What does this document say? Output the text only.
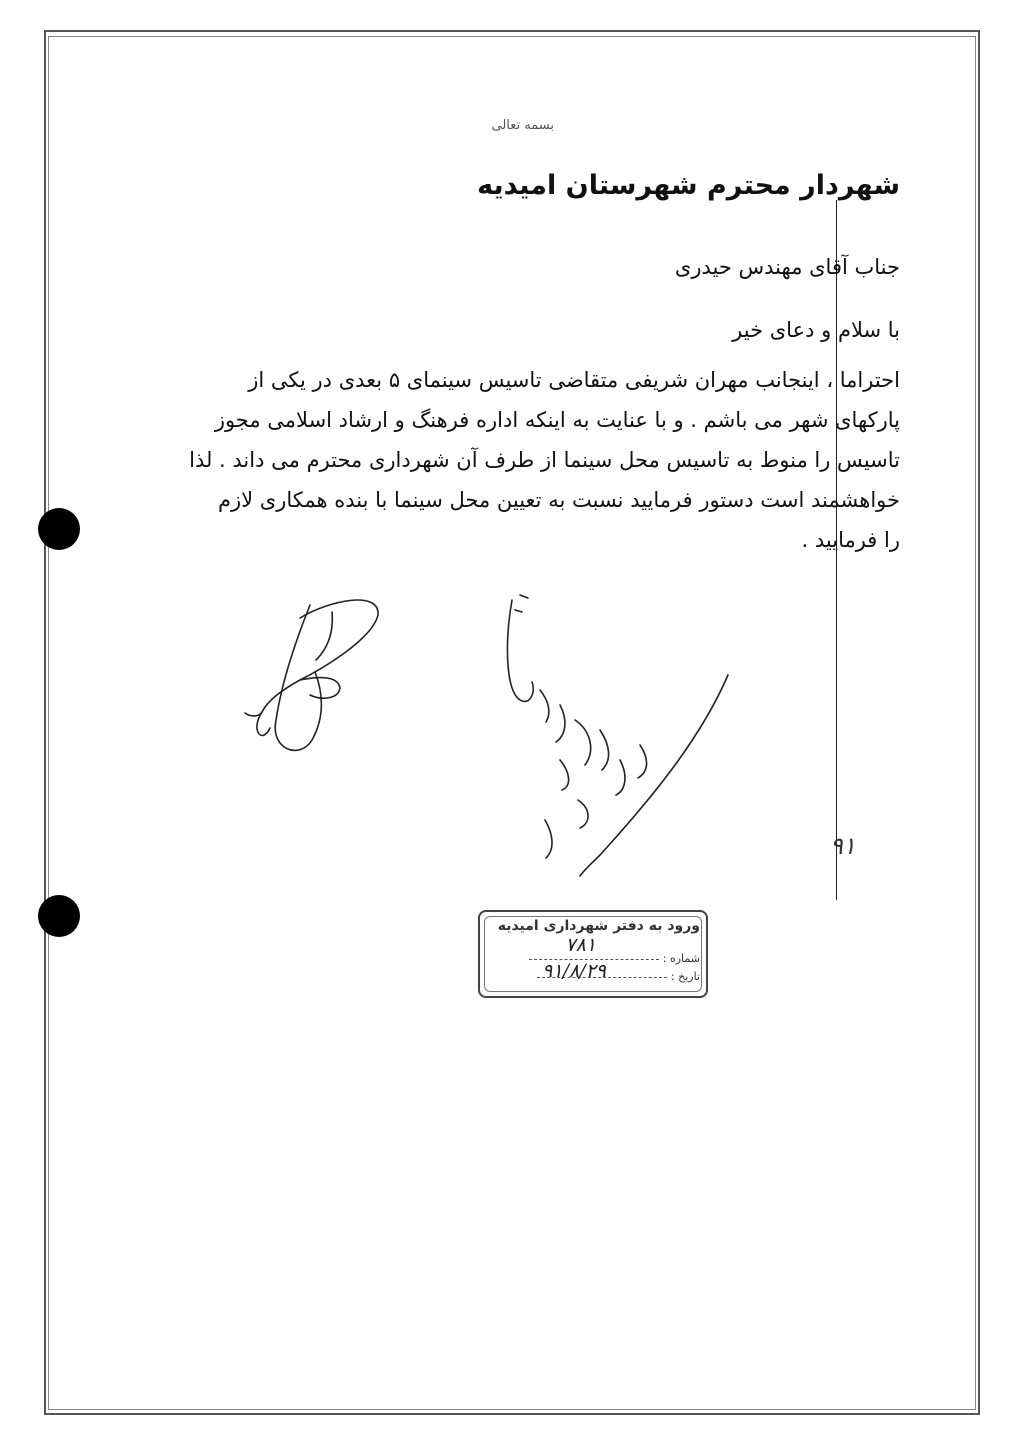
بسمه تعالی
شهردار محترم شهرستان امیدیه
جناب آقای مهندس حیدری
با سلام و دعای خیر
احتراما ، اینجانب مهران شریفی متقاضی تاسیس سینمای ۵ بعدی در یکی از
پارکهای شهر می باشم . و با عنایت به اینکه اداره فرهنگ و ارشاد اسلامی مجوز
تاسیس را منوط به تاسیس محل سینما از طرف آن شهرداری محترم می داند . لذا
خواهشمند است دستور فرمایید نسبت به تعیین محل سینما با بنده همکاری لازم
را فرمایید .
ورود به دفتر شهرداری امیدیه
شماره :
تاریخ :
۷۸۱
۹۱/۸/۲۹
۹۱
